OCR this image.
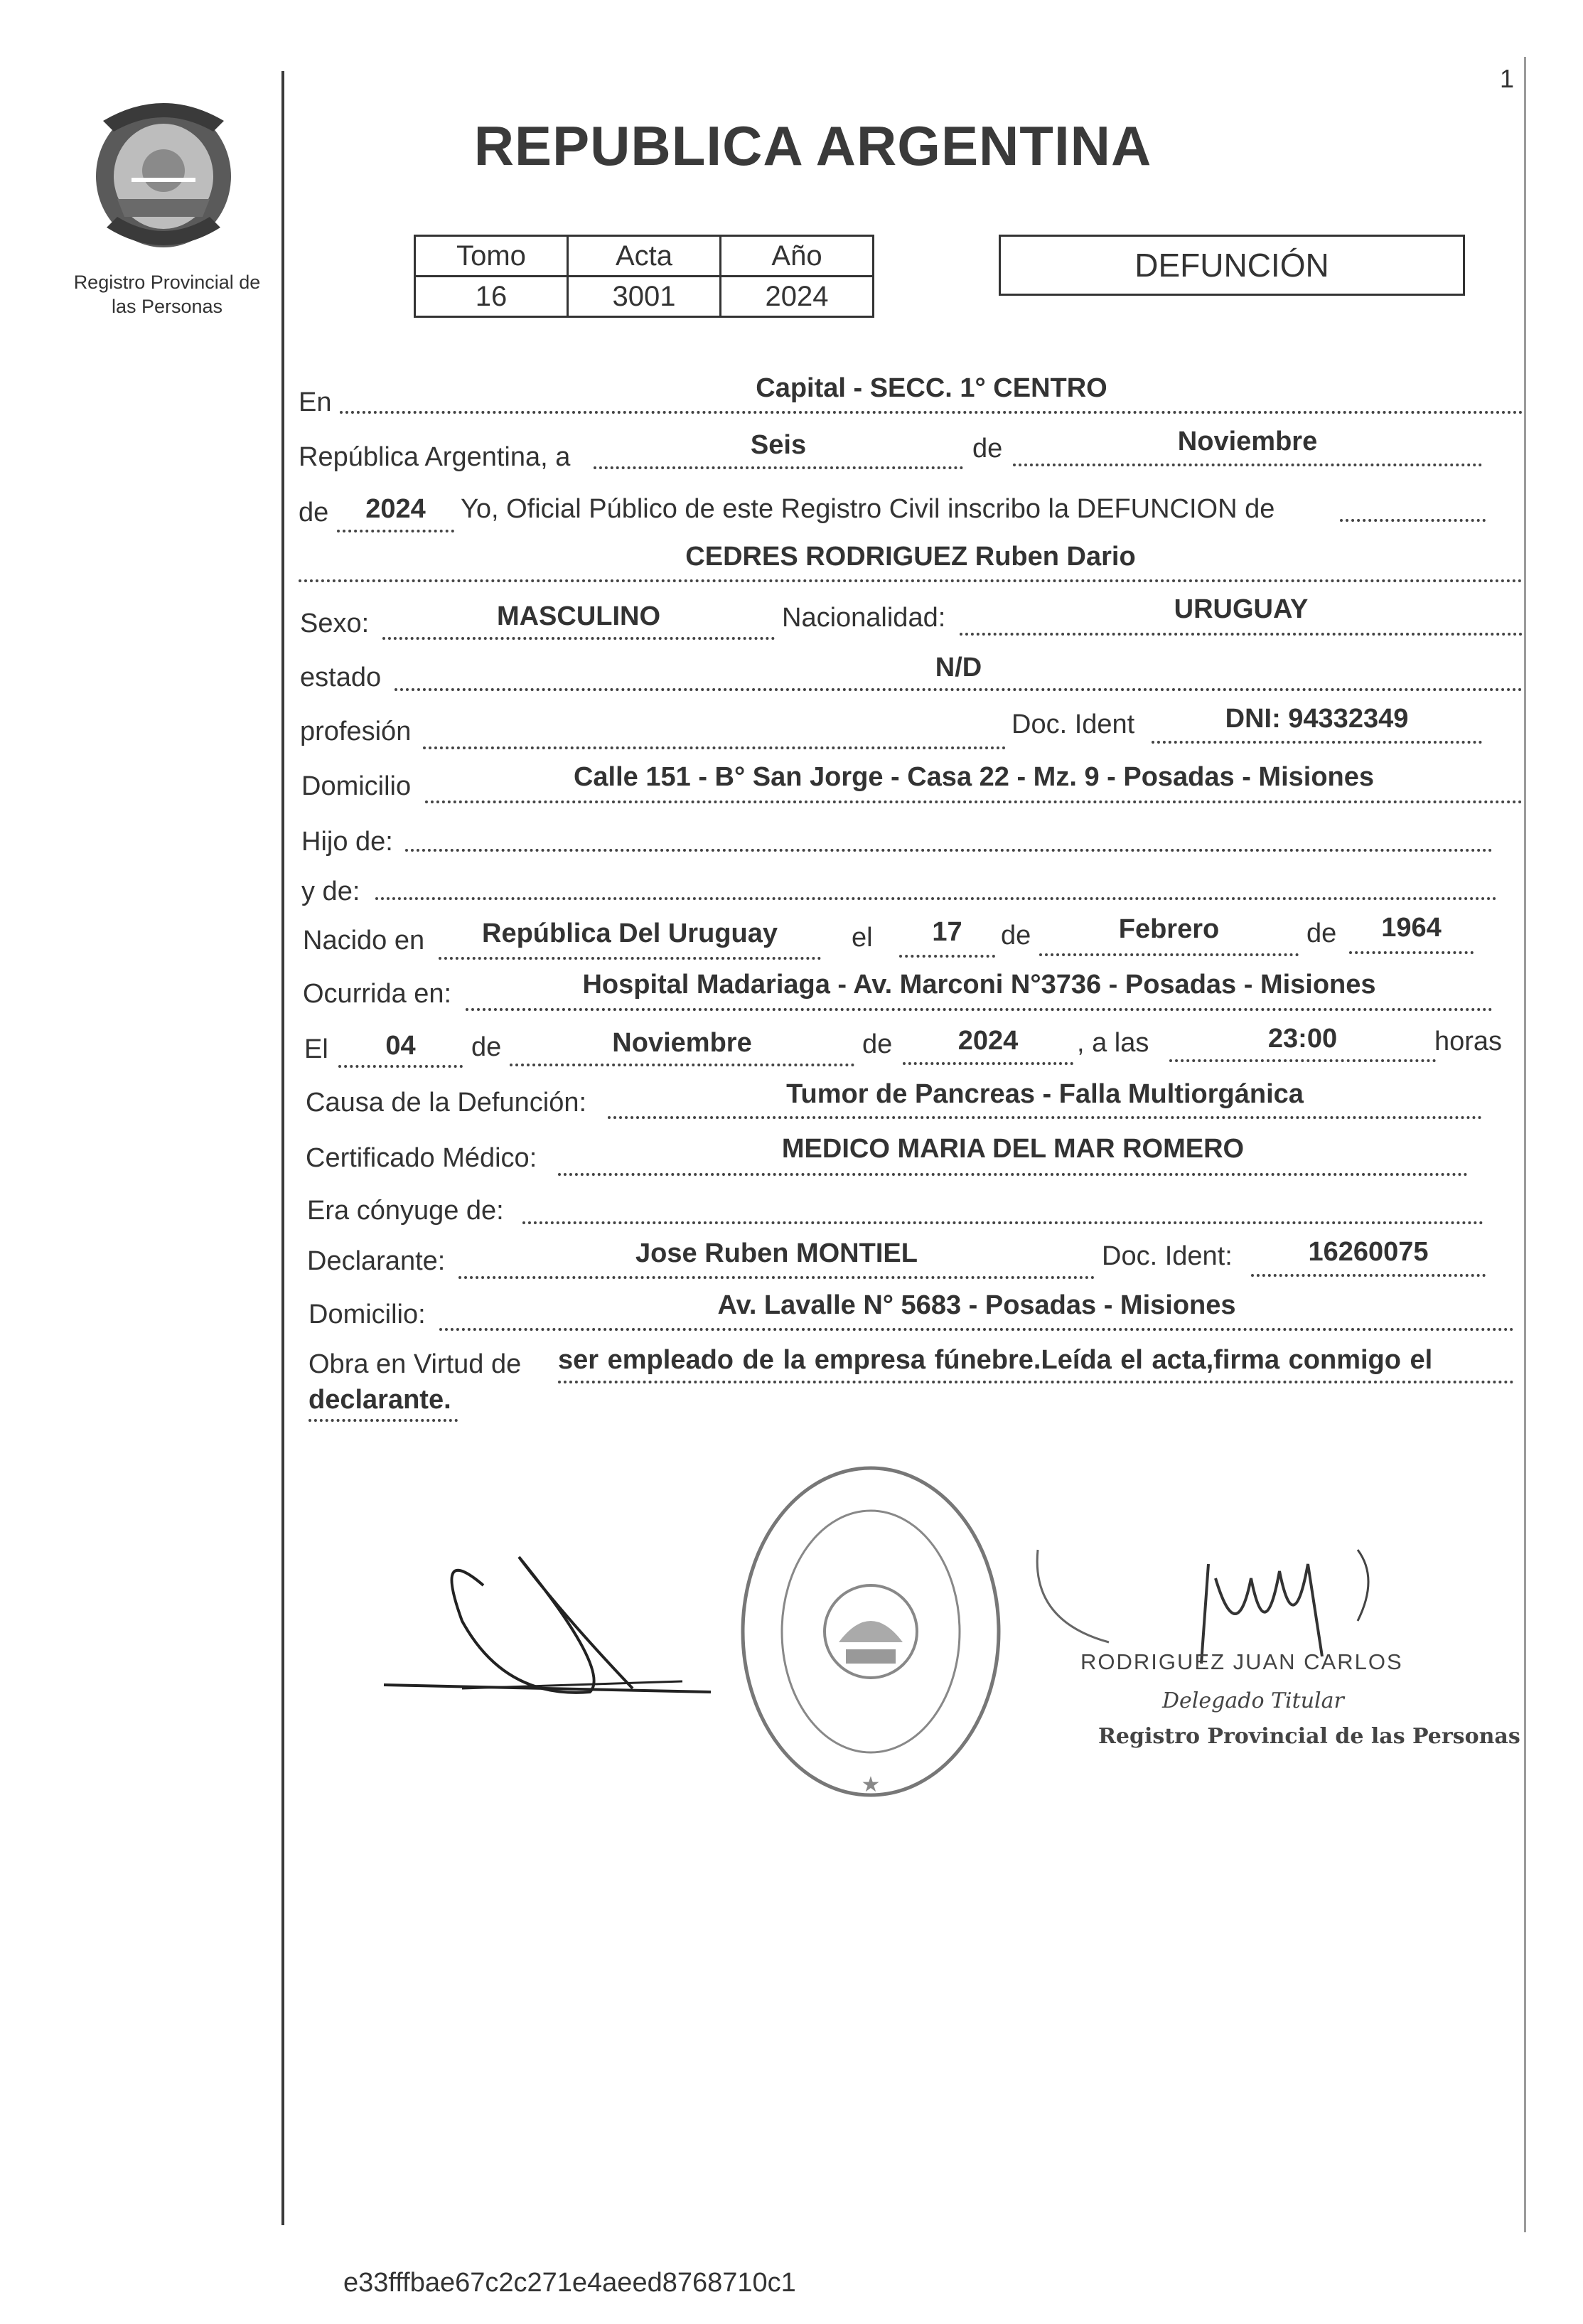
1
Registro Provincial de
las Personas
REPUBLICA ARGENTINA
Tomo	Acta	Año
16	3001	2024
DEFUNCIÓN
En	Capital - SECC. 1° CENTRO
República Argentina, a	Seis	de	Noviembre
de	2024	Yo, Oficial Público de este Registro Civil inscribo la DEFUNCION de
CEDRES RODRIGUEZ Ruben Dario
Sexo:	MASCULINO	Nacionalidad:	URUGUAY
estado	N/D
profesión	Doc. Ident	DNI: 94332349
Domicilio	Calle 151 - B° San Jorge - Casa 22 - Mz. 9 - Posadas - Misiones
Hijo de:
y de:
Nacido en	República Del Uruguay	el	17	de	Febrero	de	1964
Ocurrida en:	Hospital Madariaga - Av. Marconi N°3736 - Posadas - Misiones
El	04	de	Noviembre	de	2024	, a las	23:00	horas
Causa de la Defunción:	Tumor de Pancreas - Falla Multiorgánica
Certificado Médico:	MEDICO MARIA DEL MAR ROMERO
Era cónyuge de:
Declarante:	Jose Ruben MONTIEL	Doc. Ident:	16260075
Domicilio:	Av. Lavalle N° 5683 - Posadas - Misiones
Obra en Virtud de ser empleado de la empresa fúnebre.Leída el acta,firma conmigo el
declarante.
★
RODRIGUEZ JUAN CARLOS
Delegado Titular
Registro Provincial de las Personas
e33fffbae67c2c271e4aeed8768710c1
